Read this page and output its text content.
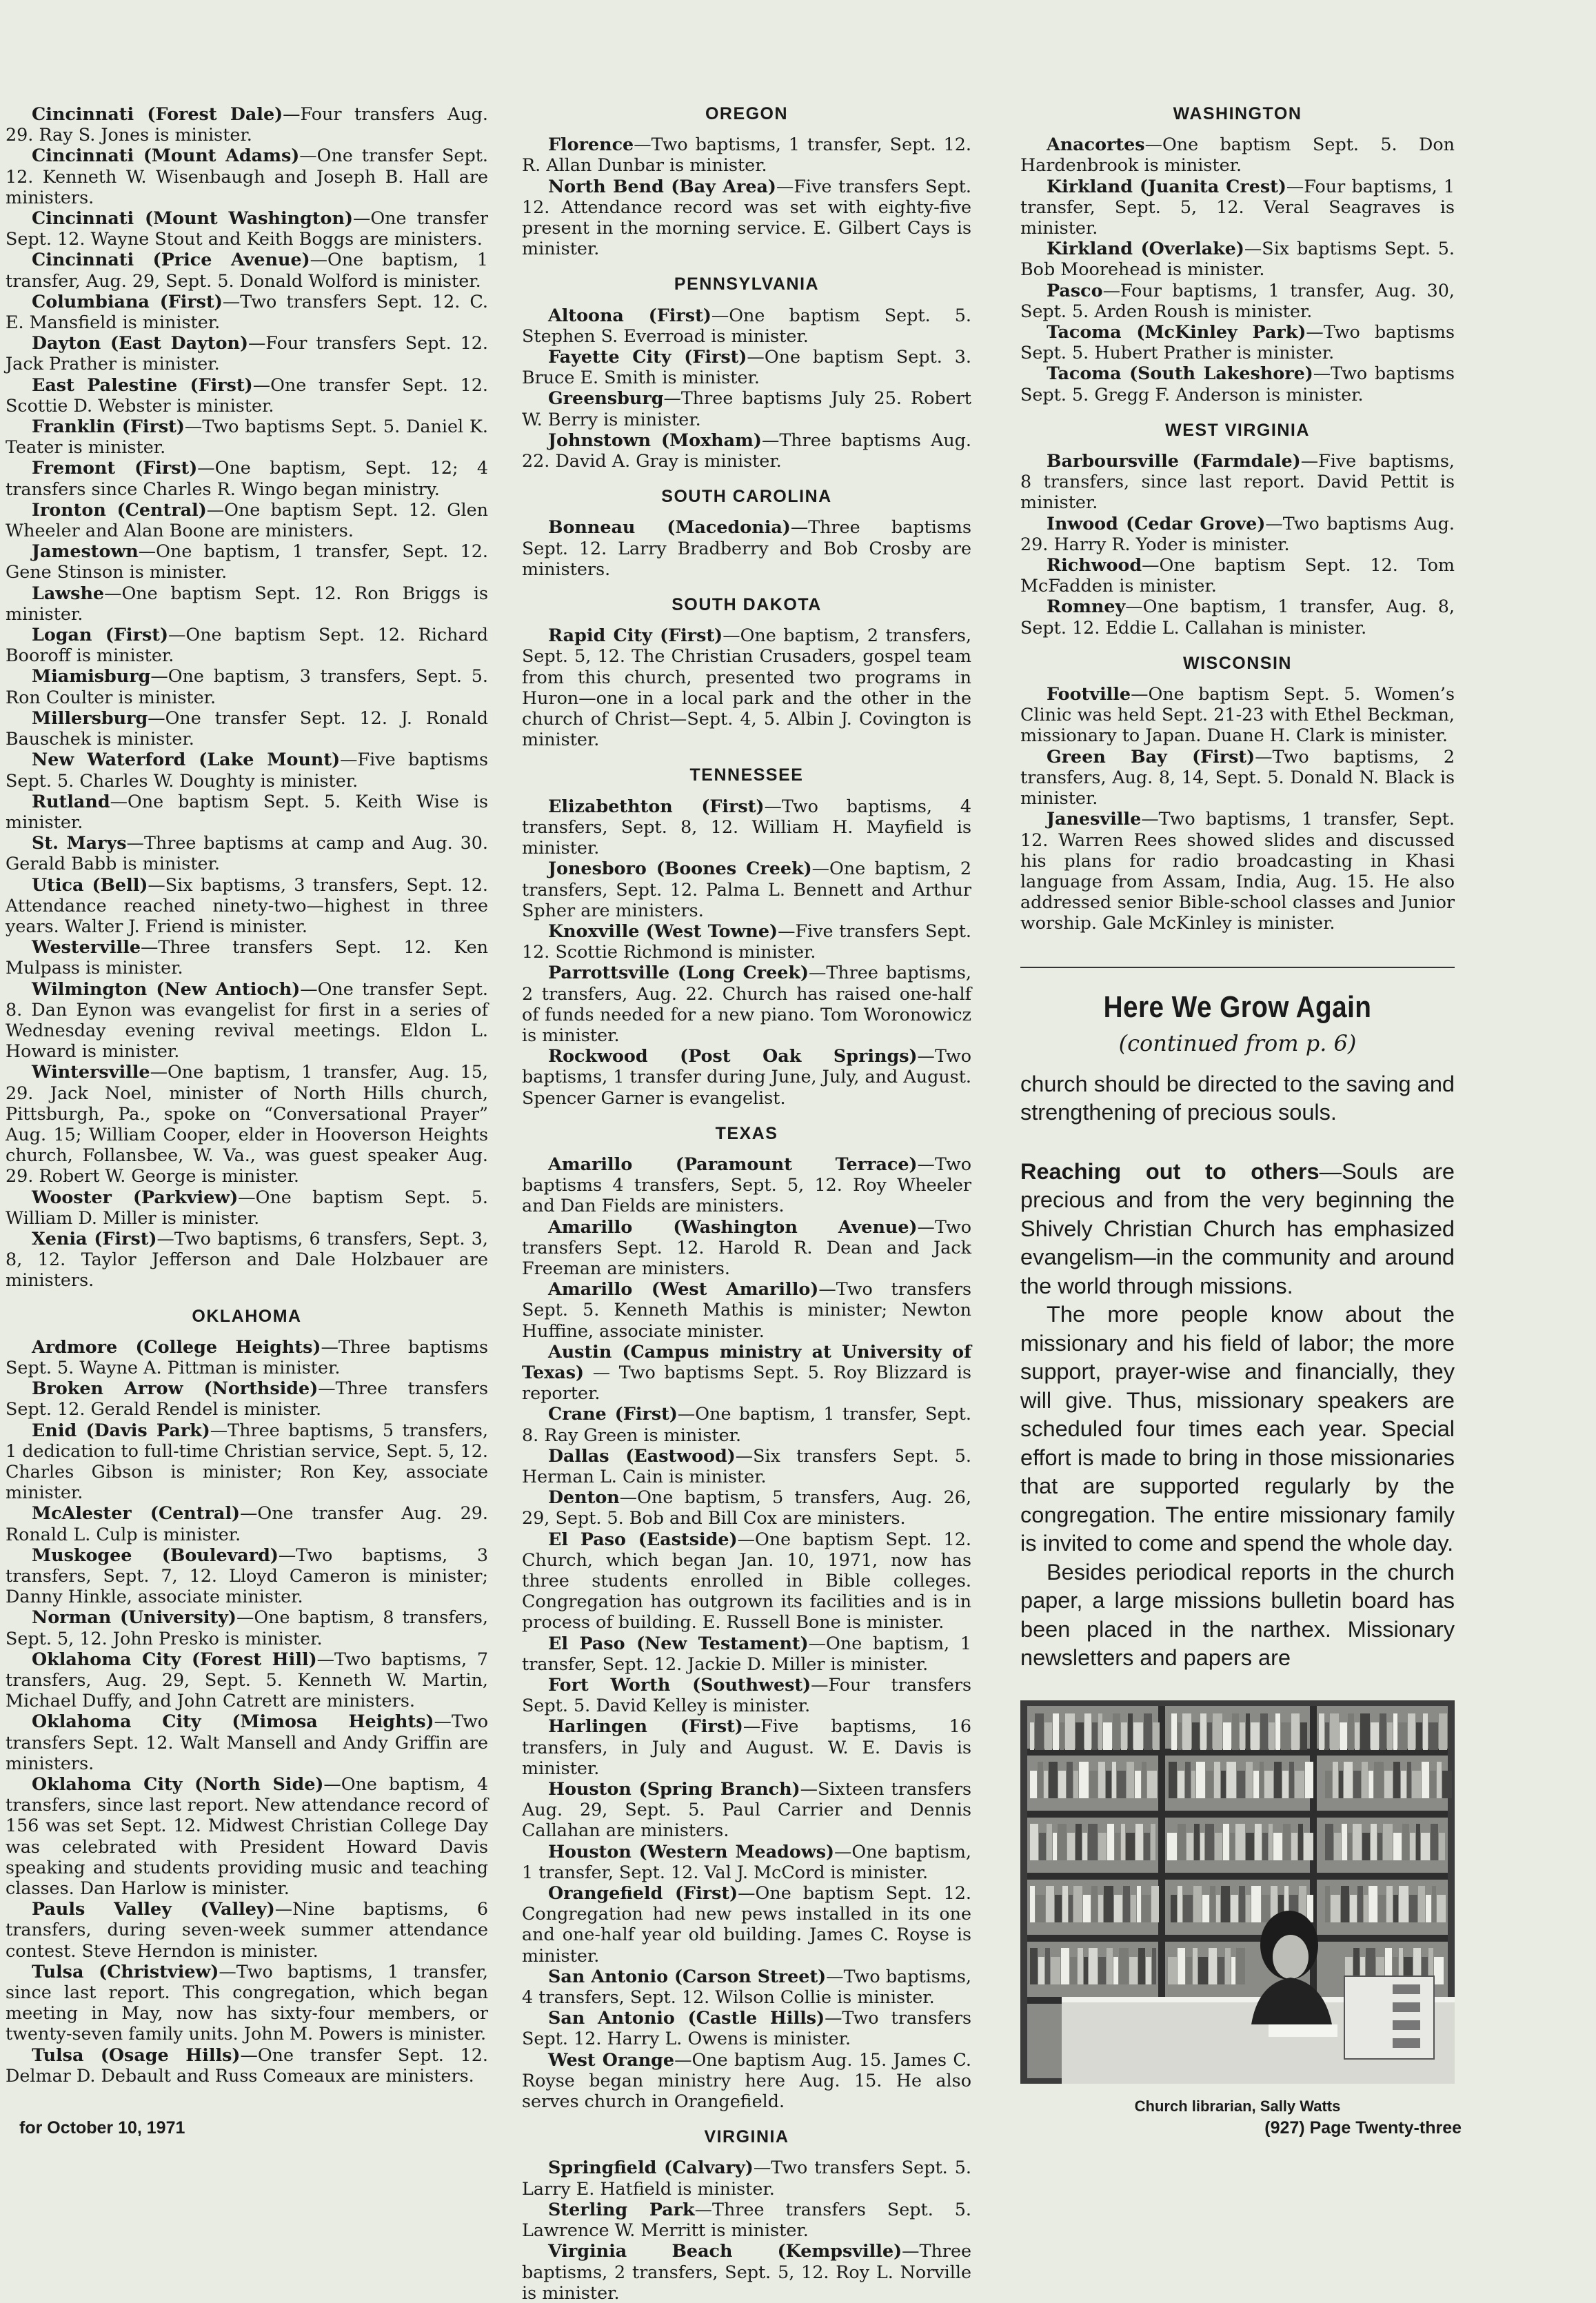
Cincinnati (Forest Dale)—Four transfers Aug. 29. Ray S. Jones is minister.

Cincinnati (Mount Adams)—One transfer Sept. 12. Kenneth W. Wisenbaugh and Joseph B. Hall are ministers.

Cincinnati (Mount Washington)—One transfer Sept. 12. Wayne Stout and Keith Boggs are ministers.

Cincinnati (Price Avenue)—One baptism, 1 transfer, Aug. 29, Sept. 5. Donald Wolford is minister.

Columbiana (First)—Two transfers Sept. 12. C. E. Mansfield is minister.

Dayton (East Dayton)—Four transfers Sept. 12. Jack Prather is minister.

East Palestine (First)—One transfer Sept. 12. Scottie D. Webster is minister.

Franklin (First)—Two baptisms Sept. 5. Daniel K. Teater is minister.

Fremont (First)—One baptism, Sept. 12; 4 transfers since Charles R. Wingo began ministry.

Ironton (Central)—One baptism Sept. 12. Glen Wheeler and Alan Boone are ministers.

Jamestown—One baptism, 1 transfer, Sept. 12. Gene Stinson is minister.

Lawshe—One baptism Sept. 12. Ron Briggs is minister.

Logan (First)—One baptism Sept. 12. Richard Booroff is minister.

Miamisburg—One baptism, 3 transfers, Sept. 5. Ron Coulter is minister.

Millersburg—One transfer Sept. 12. J. Ronald Bauschek is minister.

New Waterford (Lake Mount)—Five baptisms Sept. 5. Charles W. Doughty is minister.

Rutland—One baptism Sept. 5. Keith Wise is minister.

St. Marys—Three baptisms at camp and Aug. 30. Gerald Babb is minister.

Utica (Bell)—Six baptisms, 3 transfers, Sept. 12. Attendance reached ninety-two—highest in three years. Walter J. Friend is minister.

Westerville—Three transfers Sept. 12. Ken Mulpass is minister.

Wilmington (New Antioch)—One transfer Sept. 8. Dan Eynon was evangelist for first in a series of Wednesday evening revival meetings. Eldon L. Howard is minister.

Wintersville—One baptism, 1 transfer, Aug. 15, 29. Jack Noel, minister of North Hills church, Pittsburgh, Pa., spoke on “Conversational Prayer” Aug. 15; William Cooper, elder in Hooverson Heights church, Follansbee, W. Va., was guest speaker Aug. 29. Robert W. George is minister.

Wooster (Parkview)—One baptism Sept. 5. William D. Miller is minister.

Xenia (First)—Two baptisms, 6 transfers, Sept. 3, 8, 12. Taylor Jefferson and Dale Holzbauer are ministers.

OKLAHOMA

Ardmore (College Heights)—Three baptisms Sept. 5. Wayne A. Pittman is minister.

Broken Arrow (Northside)—Three transfers Sept. 12. Gerald Rendel is minister.

Enid (Davis Park)—Three baptisms, 5 transfers, 1 dedication to full-time Christian service, Sept. 5, 12. Charles Gibson is minister; Ron Key, associate minister.

McAlester (Central)—One transfer Aug. 29. Ronald L. Culp is minister.

Muskogee (Boulevard)—Two baptisms, 3 transfers, Sept. 7, 12. Lloyd Cameron is minister; Danny Hinkle, associate minister.

Norman (University)—One baptism, 8 transfers, Sept. 5, 12. John Presko is minister.

Oklahoma City (Forest Hill)—Two baptisms, 7 transfers, Aug. 29, Sept. 5. Kenneth W. Martin, Michael Duffy, and John Catrett are ministers.

Oklahoma City (Mimosa Heights)—Two transfers Sept. 12. Walt Mansell and Andy Griffin are ministers.

Oklahoma City (North Side)—One baptism, 4 transfers, since last report. New attendance record of 156 was set Sept. 12. Midwest Christian College Day was celebrated with President Howard Davis speaking and students providing music and teaching classes. Dan Harlow is minister.

Pauls Valley (Valley)—Nine baptisms, 6 transfers, during seven-week summer attendance contest. Steve Herndon is minister.

Tulsa (Christview)—Two baptisms, 1 transfer, since last report. This congregation, which began meeting in May, now has sixty-four members, or twenty-seven family units. John M. Powers is minister.

Tulsa (Osage Hills)—One transfer Sept. 12. Delmar D. Debault and Russ Comeaux are ministers.

OREGON

Florence—Two baptisms, 1 transfer, Sept. 12. R. Allan Dunbar is minister.

North Bend (Bay Area)—Five transfers Sept. 12. Attendance record was set with eighty-five present in the morning service. E. Gilbert Cays is minister.

PENNSYLVANIA

Altoona (First)—One baptism Sept. 5. Stephen S. Everroad is minister.

Fayette City (First)—One baptism Sept. 3. Bruce E. Smith is minister.

Greensburg—Three baptisms July 25. Robert W. Berry is minister.

Johnstown (Moxham)—Three baptisms Aug. 22. David A. Gray is minister.

SOUTH CAROLINA

Bonneau (Macedonia)—Three baptisms Sept. 12. Larry Bradberry and Bob Crosby are ministers.

SOUTH DAKOTA

Rapid City (First)—One baptism, 2 transfers, Sept. 5, 12. The Christian Crusaders, gospel team from this church, presented two programs in Huron—one in a local park and the other in the church of Christ—Sept. 4, 5. Albin J. Covington is minister.

TENNESSEE

Elizabethton (First)—Two baptisms, 4 transfers, Sept. 8, 12. William H. Mayfield is minister.

Jonesboro (Boones Creek)—One baptism, 2 transfers, Sept. 12. Palma L. Bennett and Arthur Spher are ministers.

Knoxville (West Towne)—Five transfers Sept. 12. Scottie Richmond is minister.

Parrottsville (Long Creek)—Three baptisms, 2 transfers, Aug. 22. Church has raised one-half of funds needed for a new piano. Tom Woronowicz is minister.

Rockwood (Post Oak Springs)—Two baptisms, 1 transfer during June, July, and August. Spencer Garner is evangelist.

TEXAS

Amarillo (Paramount Terrace)—Two baptisms 4 transfers, Sept. 5, 12. Roy Wheeler and Dan Fields are ministers.

Amarillo (Washington Avenue)—Two transfers Sept. 12. Harold R. Dean and Jack Freeman are ministers.

Amarillo (West Amarillo)—Two transfers Sept. 5. Kenneth Mathis is minister; Newton Huffine, associate minister.

Austin (Campus ministry at University of Texas) — Two baptisms Sept. 5. Roy Blizzard is reporter.

Crane (First)—One baptism, 1 transfer, Sept. 8. Ray Green is minister.

Dallas (Eastwood)—Six transfers Sept. 5. Herman L. Cain is minister.

Denton—One baptism, 5 transfers, Aug. 26, 29, Sept. 5. Bob and Bill Cox are ministers.

El Paso (Eastside)—One baptism Sept. 12. Church, which began Jan. 10, 1971, now has three students enrolled in Bible colleges. Congregation has outgrown its facilities and is in process of building. E. Russell Bone is minister.

El Paso (New Testament)—One baptism, 1 transfer, Sept. 12. Jackie D. Miller is minister.

Fort Worth (Southwest)—Four transfers Sept. 5. David Kelley is minister.

Harlingen (First)—Five baptisms, 16 transfers, in July and August. W. E. Davis is minister.

Houston (Spring Branch)—Sixteen transfers Aug. 29, Sept. 5. Paul Carrier and Dennis Callahan are ministers.

Houston (Western Meadows)—One baptism, 1 transfer, Sept. 12. Val J. McCord is minister.

Orangefield (First)—One baptism Sept. 12. Congregation had new pews installed in its one and one-half year old building. James C. Royse is minister.

San Antonio (Carson Street)—Two baptisms, 4 transfers, Sept. 12. Wilson Collie is minister.

San Antonio (Castle Hills)—Two transfers Sept. 12. Harry L. Owens is minister.

West Orange—One baptism Aug. 15. James C. Royse began ministry here Aug. 15. He also serves church in Orangefield.

VIRGINIA

Springfield (Calvary)—Two transfers Sept. 5. Larry E. Hatfield is minister.

Sterling Park—Three transfers Sept. 5. Lawrence W. Merritt is minister.

Virginia Beach (Kempsville)—Three baptisms, 2 transfers, Sept. 5, 12. Roy L. Norville is minister.

WASHINGTON

Anacortes—One baptism Sept. 5. Don Hardenbrook is minister.

Kirkland (Juanita Crest)—Four baptisms, 1 transfer, Sept. 5, 12. Veral Seagraves is minister.

Kirkland (Overlake)—Six baptisms Sept. 5. Bob Moorehead is minister.

Pasco—Four baptisms, 1 transfer, Aug. 30, Sept. 5. Arden Roush is minister.

Tacoma (McKinley Park)—Two baptisms Sept. 5. Hubert Prather is minister.

Tacoma (South Lakeshore)—Two baptisms Sept. 5. Gregg F. Anderson is minister.

WEST VIRGINIA

Barboursville (Farmdale)—Five baptisms, 8 transfers, since last report. David Pettit is minister.

Inwood (Cedar Grove)—Two baptisms Aug. 29. Harry R. Yoder is minister.

Richwood—One baptism Sept. 12. Tom McFadden is minister.

Romney—One baptism, 1 transfer, Aug. 8, Sept. 12. Eddie L. Callahan is minister.

WISCONSIN

Footville—One baptism Sept. 5. Women’s Clinic was held Sept. 21-23 with Ethel Beckman, missionary to Japan. Duane H. Clark is minister.

Green Bay (First)—Two baptisms, 2 transfers, Aug. 8, 14, Sept. 5. Donald N. Black is minister.

Janesville—Two baptisms, 1 transfer, Sept. 12. Warren Rees showed slides and discussed his plans for radio broadcasting in Khasi language from Assam, India, Aug. 15. He also addressed senior Bible-school classes and Junior worship. Gale McKinley is minister.

Here We Grow Again
(continued from p. 6)

church should be directed to the saving and strengthening of precious souls.

Reaching out to others—Souls are precious and from the very beginning the Shively Christian Church has emphasized evangelism—in the community and around the world through missions.

The more people know about the missionary and his field of labor; the more support, prayer-wise and financially, they will give. Thus, missionary speakers are scheduled four times each year. Special effort is made to bring in those missionaries that are supported regularly by the congregation. The entire missionary family is invited to come and spend the whole day.

Besides periodical reports in the church paper, a large missions bulletin board has been placed in the narthex. Missionary newsletters and papers are

Church librarian, Sally Watts
for October 10, 1971	(927) Page Twenty-three
